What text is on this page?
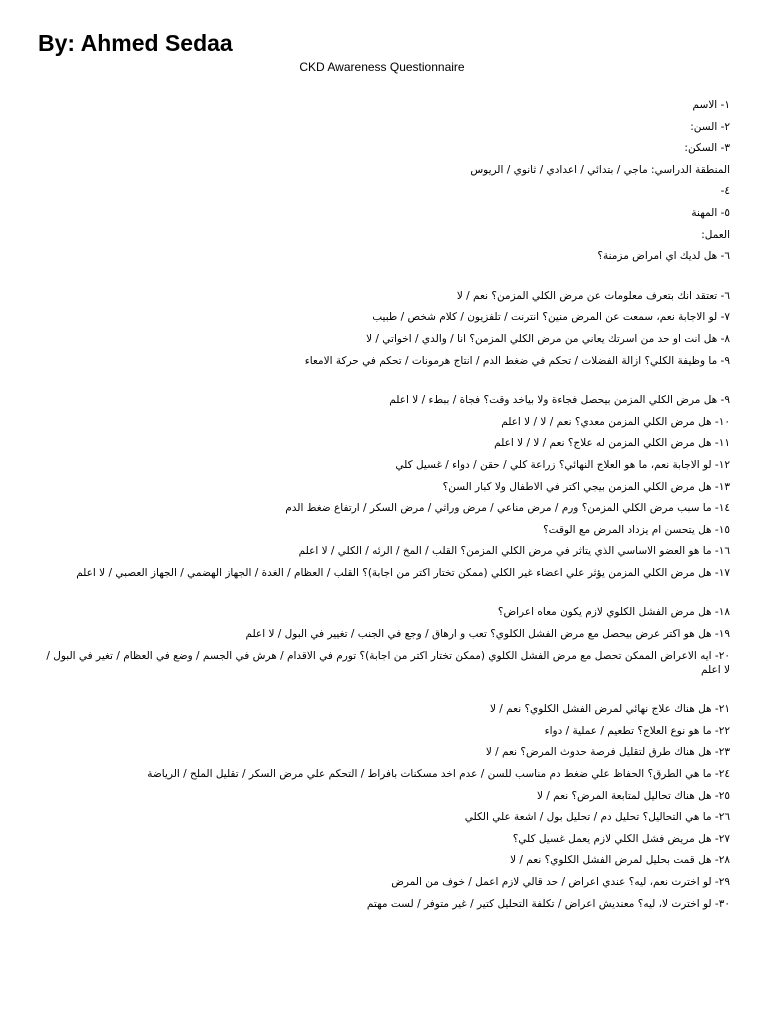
By: Ahmed Sedaa
CKD Awareness Questionnaire

١- الاسم

٢- السن:

٣- السكن:

المنطقة الدراسي: ماجي / بتدائي / اعدادي / ثانوي / الريوس

٤-

٥- المهنة

العمل:

٦- هل لديك اي امراض مزمنة؟

٦- تعتقد انك بتعرف معلومات عن مرض الكلي المزمن؟ نعم / لا

٧- لو الاجابة نعم، سمعت عن المرض منين؟ انترنت / تلفزيون / كلام شخص / طبيب

٨- هل انت او حد من اسرتك يعاني من مرض الكلي المزمن؟ انا / والدي / اخواتي / لا

٩- ما وظيفة الكلي؟ ازالة الفضلات / تحكم في ضغط الدم / انتاج هرمونات / تحكم في حركة الامعاء

٩- هل مرض الكلي المزمن بيحصل فجاءة ولا بياخد وقت؟ فجاة / ببطء / لا اعلم

١٠- هل مرض الكلي المزمن معدي؟ نعم / لا / لا اعلم

١١- هل مرض الكلي المزمن له علاج؟ نعم / لا / لا اعلم

١٢- لو الاجابة نعم، ما هو العلاج النهائي؟ زراعة كلي / حقن / دواء / غسيل كلي

١٣- هل مرض الكلي المزمن بيجي اكتر في الاطفال ولا كبار السن؟

١٤- ما سبب مرض الكلي المزمن؟ ورم / مرض مناعي / مرض وراثي / مرض السكر / ارتفاع ضغط الدم

١٥- هل يتحسن ام يزداد المرض مع الوقت؟

١٦- ما هو العضو الاساسي الذي يتاثر في مرض الكلي المزمن؟ القلب / المخ / الرئه / الكلي / لا اعلم

١٧- هل مرض الكلي المزمن يؤثر علي اعضاء غير الكلي (ممكن تختار اكتر من اجابة)؟ القلب / العظام / الغدة / الجهاز الهضمي / الجهاز العصبي / لا اعلم

١٨- هل مرض الفشل الكلوي لازم يكون معاه اعراض؟

١٩- هل هو اكتر عرض بيحصل مع مرض الفشل الكلوي؟ تعب و ارهاق / وجع في الجنب / تغيير في البول / لا اعلم

٢٠- ايه الاعراض الممكن تحصل مع مرض الفشل الكلوي (ممكن تختار اكتر من اجابة)؟ تورم في الاقدام / هرش في الجسم / وضع في العظام / تغير في البول / لا اعلم

٢١- هل هناك علاج نهائي لمرض الفشل الكلوي؟ نعم / لا

٢٢- ما هو نوع العلاج؟ تطعيم / عملية / دواء

٢٣- هل هناك طرق لتقليل فرصة حدوث المرض؟ نعم / لا

٢٤- ما هي الطرق؟ الحفاظ علي ضغط دم مناسب للسن / عدم اخد مسكنات بافراط / التحكم علي مرض السكر / تقليل الملح / الرياضة

٢٥- هل هناك تحاليل لمتابعة المرض؟ نعم / لا

٢٦- ما هي التحاليل؟ تحليل دم / تحليل بول / اشعة علي الكلي

٢٧- هل مريض فشل الكلي لازم يعمل غسيل كلي؟

٢٨- هل قمت بحليل لمرض الفشل الكلوي؟ نعم / لا

٢٩- لو اخترت نعم، ليه؟ عندي اعراض / حد قالي لازم اعمل / خوف من المرض

٣٠- لو اخترت لا، ليه؟ معنديش اعراض / تكلفة التحليل كتير / غير متوفر / لست مهتم
